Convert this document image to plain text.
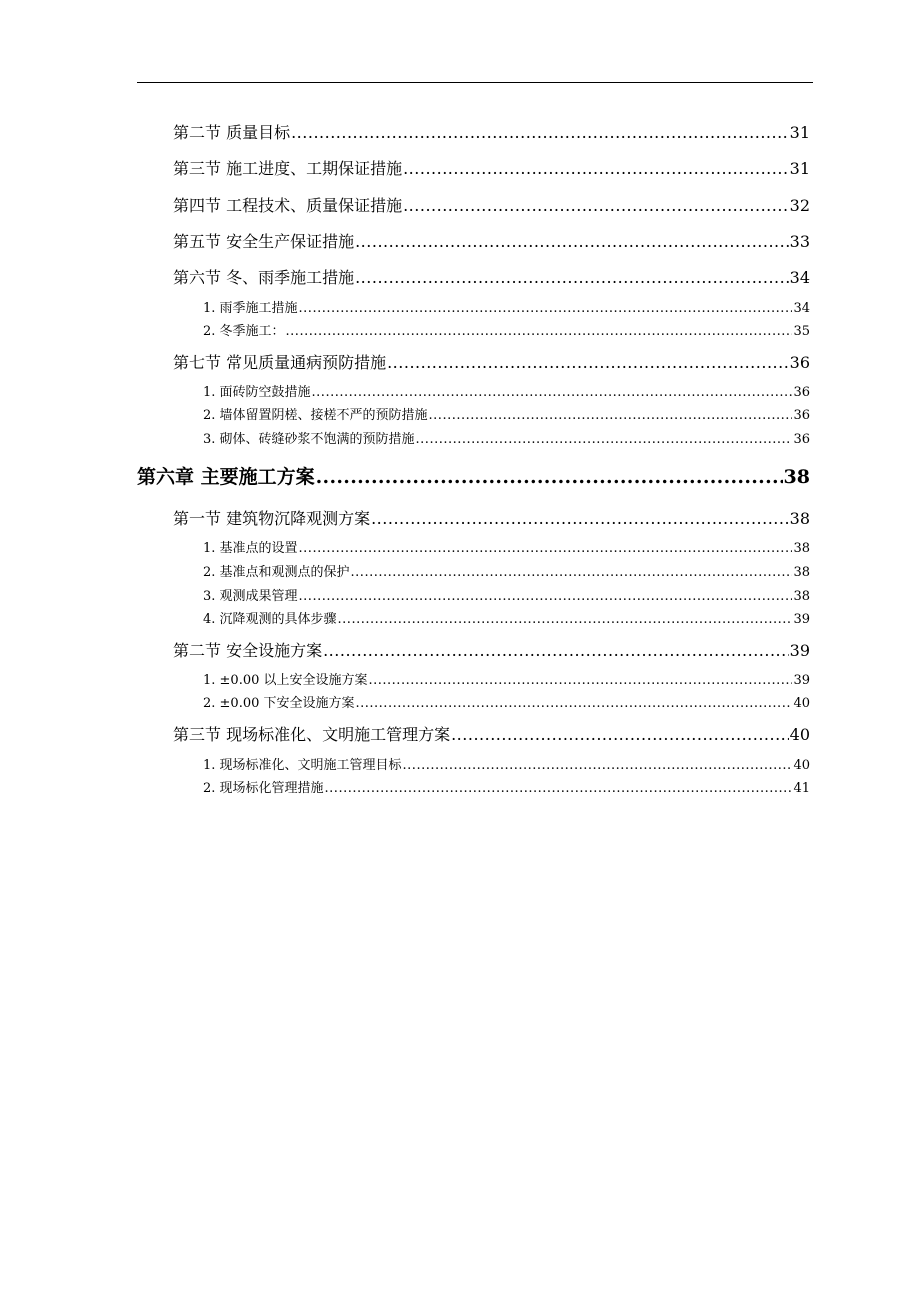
第二节 质量目标 .....	31
第三节 施工进度、工期保证措施 .....	31
第四节 工程技术、质量保证措施 .....	32
第五节 安全生产保证措施 .....	33
第六节 冬、雨季施工措施 .....	34
1. 雨季施工措施 .....	34
2. 冬季施工： .....	35
第七节 常见质量通病预防措施 .....	36
1. 面砖防空鼓措施 .....	36
2. 墙体留置阴槎、接槎不严的预防措施 .....	36
3. 砌体、砖缝砂浆不饱满的预防措施 .....	36
第六章 主要施工方案 .....	38
第一节 建筑物沉降观测方案 .....	38
1. 基准点的设置 .....	38
2. 基准点和观测点的保护 .....	38
3. 观测成果管理 .....	38
4. 沉降观测的具体步骤 .....	39
第二节 安全设施方案 .....	39
1. ±0.00 以上安全设施方案 .....	39
2. ±0.00 下安全设施方案 .....	40
第三节 现场标准化、文明施工管理方案 .....	40
1. 现场标准化、文明施工管理目标 .....	40
2. 现场标化管理措施 .....	41
